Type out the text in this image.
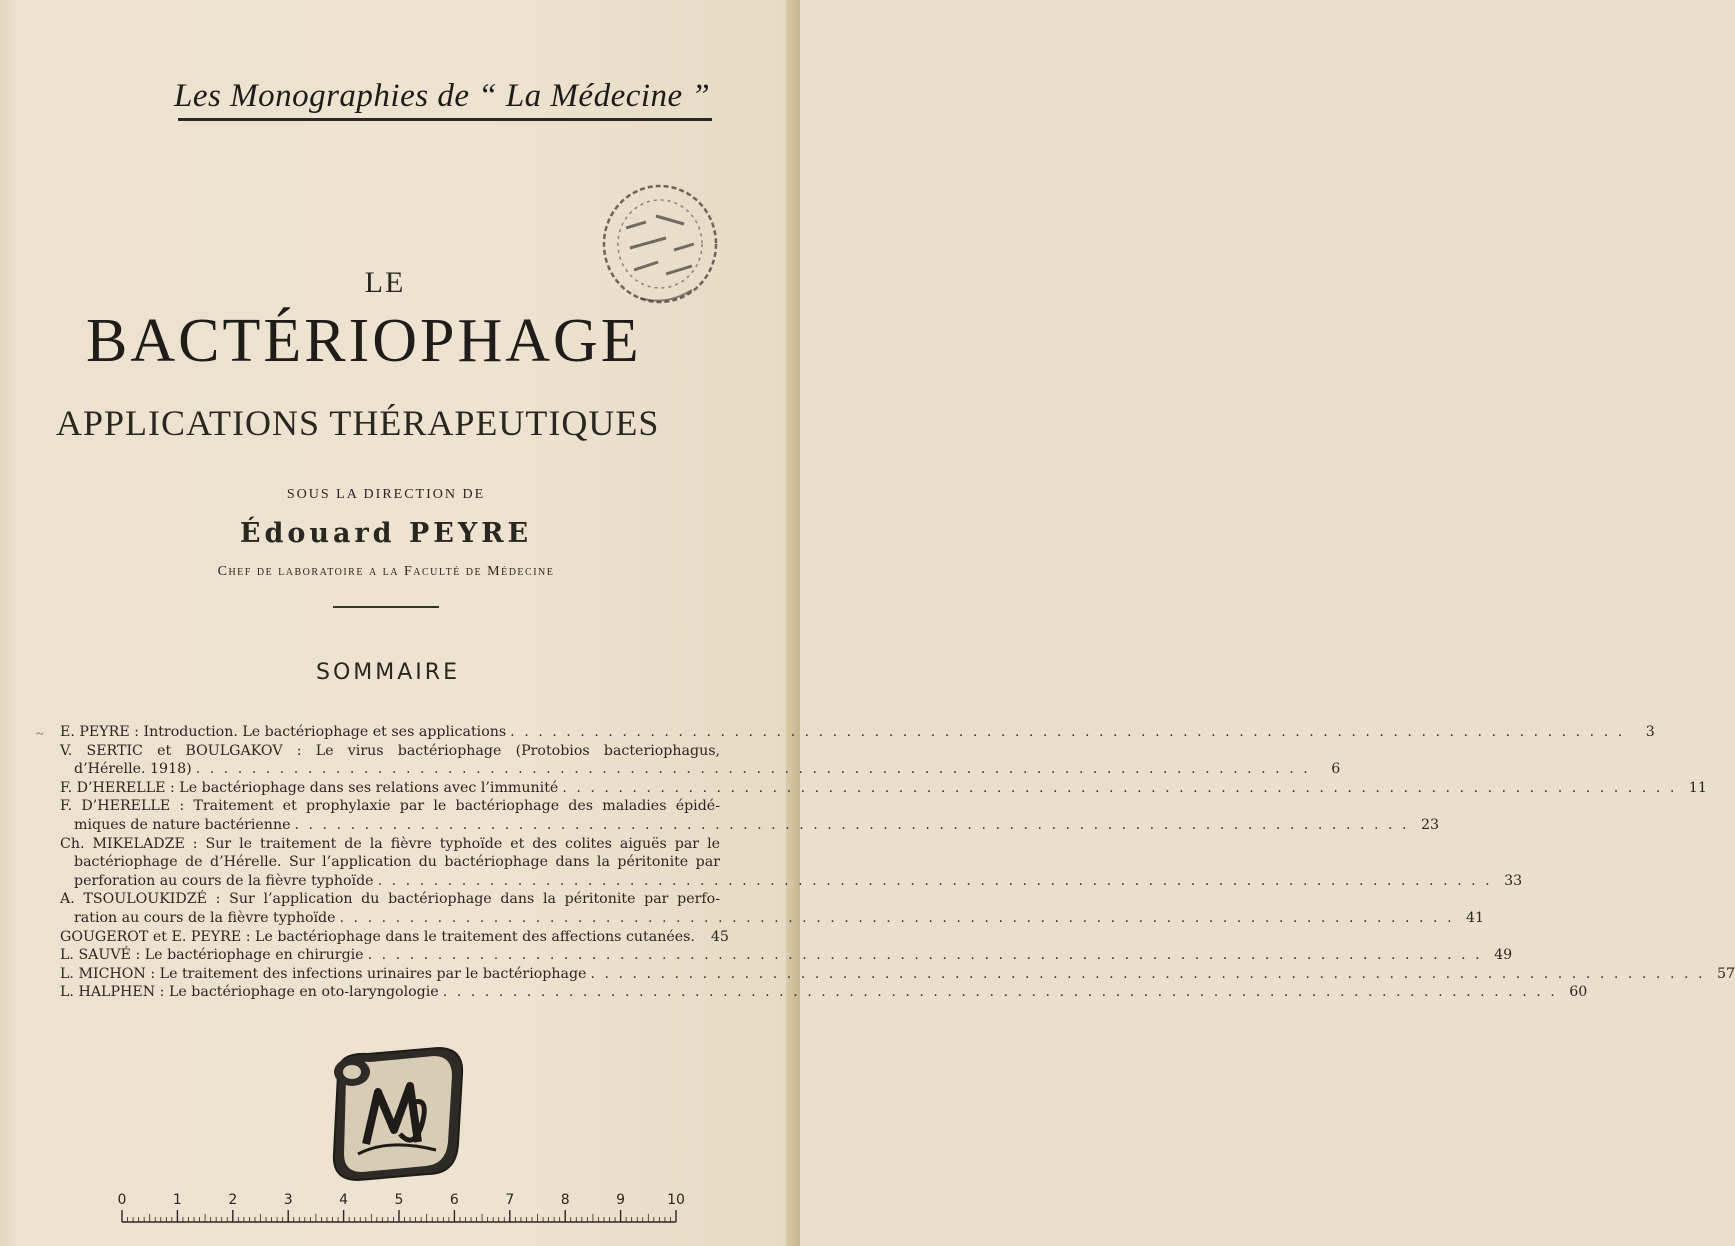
Les Monographies de “ La Médecine ”
LE
BACTÉRIOPHAGE
APPLICATIONS THÉRAPEUTIQUES
SOUS LA DIRECTION DE
Édouard PEYRE
Chef de laboratoire a la Faculté de Médecine
SOMMAIRE
~ E. PEYRE : Introduction. Le bactériophage et ses applications . . . . . . . . . . . . . . . . . . . . . . . . . . . . . . . . . . . . . . . . . . . . . . . . . . . . . . . . . . . . . . . . . . . . . . . . . . . . . . . .	3
V. SERTIC et BOULGAKOV : Le virus bactériophage (Protobios bacteriophagus,
d’Hérelle. 1918) . . . . . . . . . . . . . . . . . . . . . . . . . . . . . . . . . . . . . . . . . . . . . . . . . . . . . . . . . . . . . . . . . . . . . . . . . . . . . . . .	6
F. D’HERELLE : Le bactériophage dans ses relations avec l’immunité . . . . . . . . . . . . . . . . . . . . . . . . . . . . . . . . . . . . . . . . . . . . . . . . . . . . . . . . . . . . . . . . . . . . . . . . . . . . . . . . 11
F. D’HERELLE : Traitement et prophylaxie par le bactériophage des maladies épidé-
miques de nature bactérienne . . . . . . . . . . . . . . . . . . . . . . . . . . . . . . . . . . . . . . . . . . . . . . . . . . . . . . . . . . . . . . . . . . . . . . . . . . . . . . . . 23
Ch. MIKELADZE : Sur le traitement de la fièvre typhoïde et des colites aiguës par le
bactériophage de d’Hérelle. Sur l’application du bactériophage dans la péritonite par
perforation au cours de la fièvre typhoïde . . . . . . . . . . . . . . . . . . . . . . . . . . . . . . . . . . . . . . . . . . . . . . . . . . . . . . . . . . . . . . . . . . . . . . . . . . . . . . . . 33
A. TSOULOUKIDZÉ : Sur l’application du bactériophage dans la péritonite par perfo-
ration au cours de la fièvre typhoïde . . . . . . . . . . . . . . . . . . . . . . . . . . . . . . . . . . . . . . . . . . . . . . . . . . . . . . . . . . . . . . . . . . . . . . . . . . . . . . . . 41
GOUGEROT et E. PEYRE : Le bactériophage dans le traitement des affections cutanées.	45
L. SAUVÉ : Le bactériophage en chirurgie . . . . . . . . . . . . . . . . . . . . . . . . . . . . . . . . . . . . . . . . . . . . . . . . . . . . . . . . . . . . . . . . . . . . . . . . . . . . . . . . 49
L. MICHON : Le traitement des infections urinaires par le bactériophage . . . . . . . . . . . . . . . . . . . . . . . . . . . . . . . . . . . . . . . . . . . . . . . . . . . . . . . . . . . . . . . . . . . . . . . . . . . . . . . . 57
L. HALPHEN : Le bactériophage en oto-laryngologie . . . . . . . . . . . . . . . . . . . . . . . . . . . . . . . . . . . . . . . . . . . . . . . . . . . . . . . . . . . . . . . . . . . . . . . . . . . . . . . . 60
0	1	2	3	4	5	6	7	8	9	10
